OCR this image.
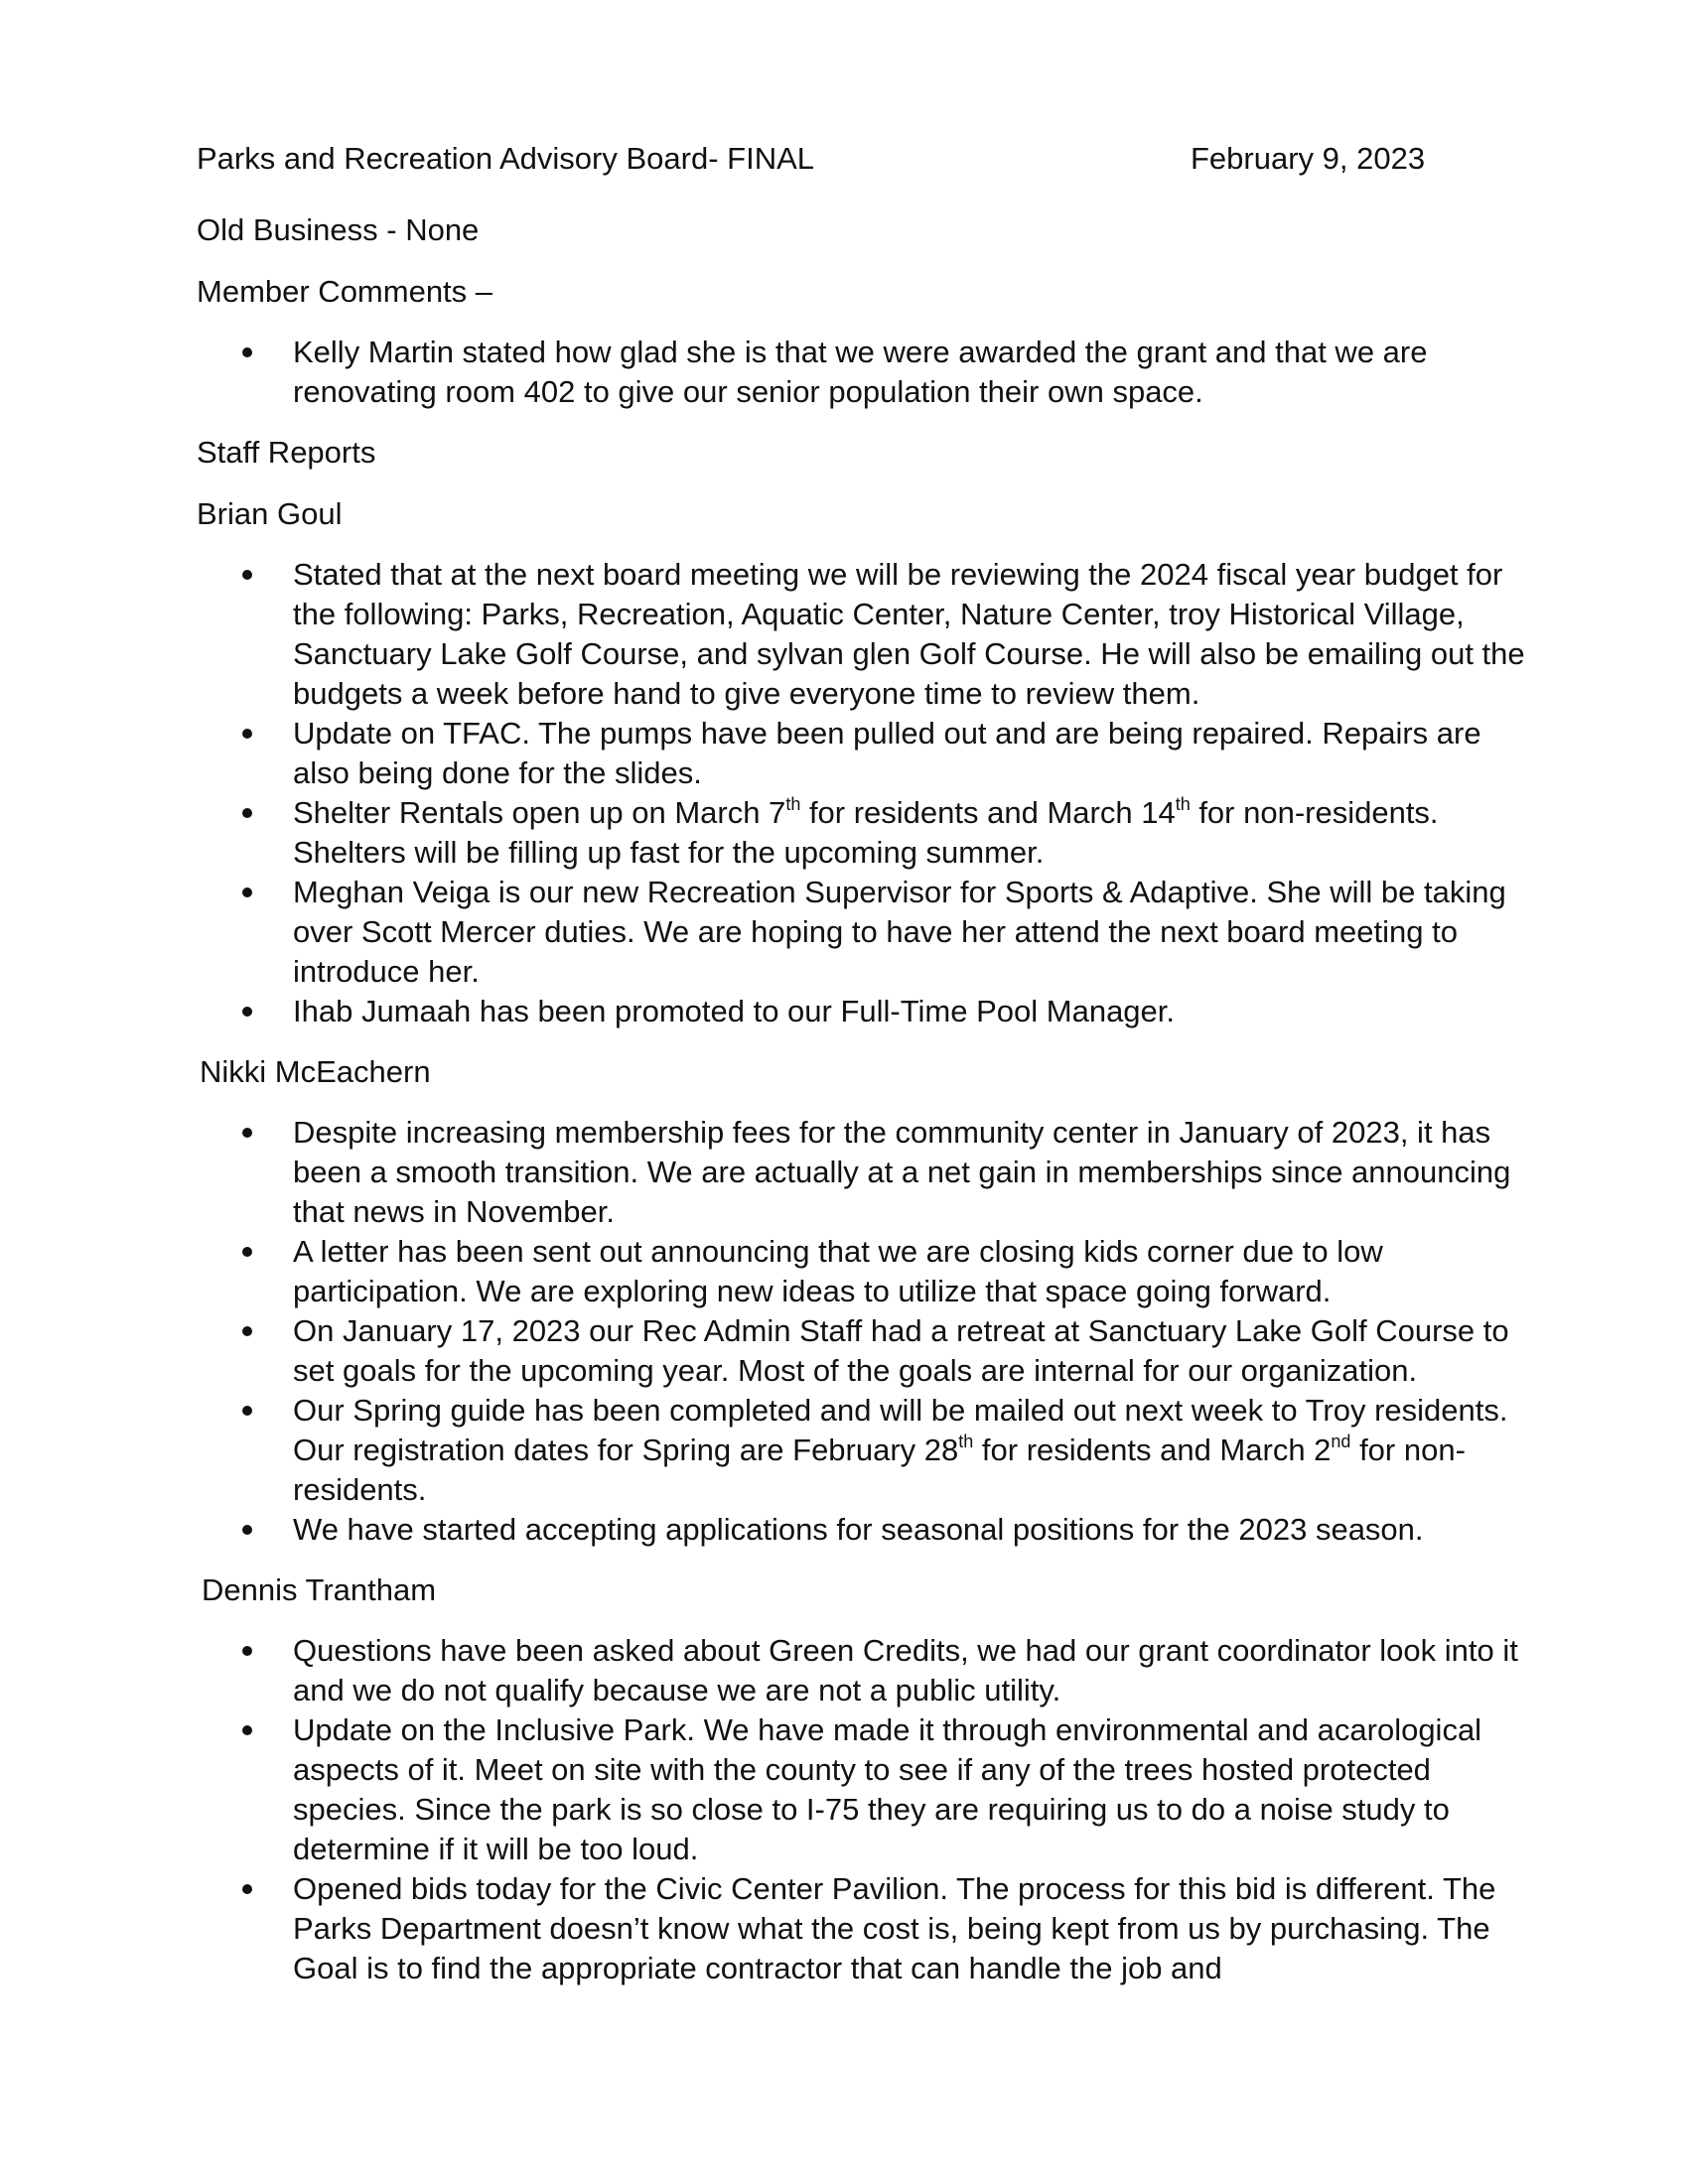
Parks and Recreation Advisory Board- FINAL	February 9, 2023

Old Business - None

Member Comments –

Kelly Martin stated how glad she is that we were awarded the grant and that we are renovating room 402 to give our senior population their own space.

Staff Reports

Brian Goul

Stated that at the next board meeting we will be reviewing the 2024 fiscal year budget for the following: Parks, Recreation, Aquatic Center, Nature Center, troy Historical Village, Sanctuary Lake Golf Course, and sylvan glen Golf Course. He will also be emailing out the budgets a week before hand to give everyone time to review them.
Update on TFAC. The pumps have been pulled out and are being repaired. Repairs are also being done for the slides.
Shelter Rentals open up on March 7th for residents and March 14th for non-residents. Shelters will be filling up fast for the upcoming summer.
Meghan Veiga is our new Recreation Supervisor for Sports & Adaptive. She will be taking over Scott Mercer duties. We are hoping to have her attend the next board meeting to introduce her.
Ihab Jumaah has been promoted to our Full-Time Pool Manager.

Nikki McEachern

Despite increasing membership fees for the community center in January of 2023, it has been a smooth transition. We are actually at a net gain in memberships since announcing that news in November.
A letter has been sent out announcing that we are closing kids corner due to low participation. We are exploring new ideas to utilize that space going forward.
On January 17, 2023 our Rec Admin Staff had a retreat at Sanctuary Lake Golf Course to set goals for the upcoming year. Most of the goals are internal for our organization.
Our Spring guide has been completed and will be mailed out next week to Troy residents. Our registration dates for Spring are February 28th for residents and March 2nd for non-residents.
We have started accepting applications for seasonal positions for the 2023 season.

Dennis Trantham

Questions have been asked about Green Credits, we had our grant coordinator look into it and we do not qualify because we are not a public utility.
Update on the Inclusive Park. We have made it through environmental and acarological aspects of it. Meet on site with the county to see if any of the trees hosted protected species. Since the park is so close to I-75 they are requiring us to do a noise study to determine if it will be too loud.
Opened bids today for the Civic Center Pavilion. The process for this bid is different. The Parks Department doesn’t know what the cost is, being kept from us by purchasing. The Goal is to find the appropriate contractor that can handle the job and
